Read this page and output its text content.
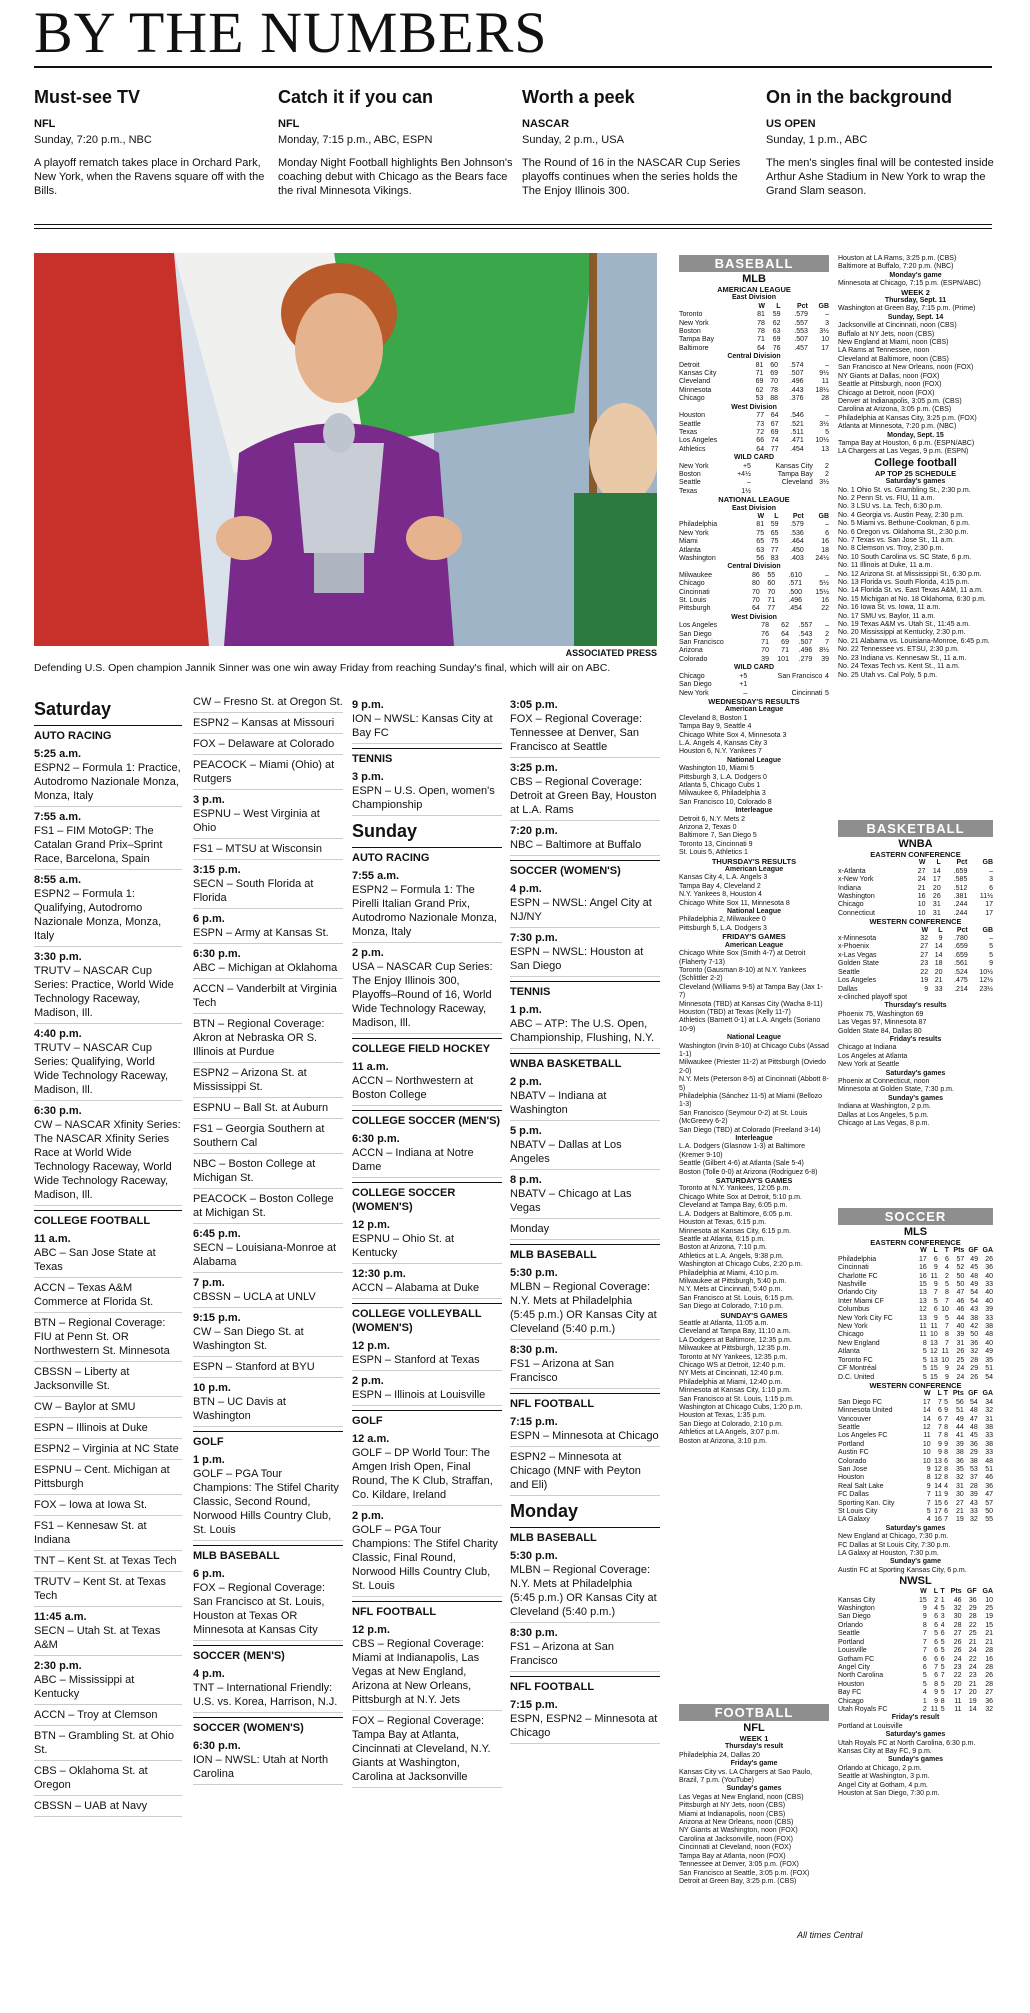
BY THE NUMBERS
Must-see TV
NFL
Sunday, 7:20 p.m., NBC
A playoff rematch takes place in Orchard Park, New York, when the Ravens square off with the Bills.
Catch it if you can
NFL
Monday, 7:15 p.m., ABC, ESPN
Monday Night Football highlights Ben Johnson's coaching debut with Chicago as the Bears face the rival Minnesota Vikings.
Worth a peek
NASCAR
Sunday, 2 p.m., USA
The Round of 16 in the NASCAR Cup Series playoffs continues when the series holds the The Enjoy Illinois 300.
On in the background
US OPEN
Sunday, 1 p.m., ABC
The men's singles final will be contested inside Arthur Ashe Stadium in New York to wrap the Grand Slam season.
ASSOCIATED PRESS
Defending U.S. Open champion Jannik Sinner was one win away Friday from reaching Sunday's final, which will air on ABC.
Saturday
AUTO RACING
5:25 a.m.
ESPN2 – Formula 1: Practice, Autodromo Nazionale Monza, Monza, Italy
7:55 a.m.
FS1 – FIM MotoGP: The Catalan Grand Prix–Sprint Race, Barcelona, Spain
8:55 a.m.
ESPN2 – Formula 1: Qualifying, Autodromo Nazionale Monza, Monza, Italy
3:30 p.m.
TRUTV – NASCAR Cup Series: Practice, World Wide Technology Raceway, Madison, Ill.
4:40 p.m.
TRUTV – NASCAR Cup Series: Qualifying, World Wide Technology Raceway, Madison, Ill.
6:30 p.m.
CW – NASCAR Xfinity Series: The NASCAR Xfinity Series Race at World Wide Technology Raceway, World Wide Technology Raceway, Madison, Ill.
COLLEGE FOOTBALL
11 a.m.
ABC – San Jose State at Texas
ACCN – Texas A&M Commerce at Florida St.
BTN – Regional Coverage: FIU at Penn St. OR Northwestern St. Minnesota
CBSSN – Liberty at Jacksonville St.
CW – Baylor at SMU
ESPN – Illinois at Duke
ESPN2 – Virginia at NC State
ESPNU – Cent. Michigan at Pittsburgh
FOX – Iowa at Iowa St.
FS1 – Kennesaw St. at Indiana
TNT – Kent St. at Texas Tech
TRUTV – Kent St. at Texas Tech
11:45 a.m.
SECN – Utah St. at Texas A&M
2:30 p.m.
ABC – Mississippi at Kentucky
ACCN – Troy at Clemson
BTN – Grambling St. at Ohio St.
CBS – Oklahoma St. at Oregon
CBSSN – UAB at Navy
CW – Fresno St. at Oregon St.
ESPN2 – Kansas at Missouri
FOX – Delaware at Colorado
PEACOCK – Miami (Ohio) at Rutgers
3 p.m.
ESPNU – West Virginia at Ohio
FS1 – MTSU at Wisconsin
3:15 p.m.
SECN – South Florida at Florida
6 p.m.
ESPN – Army at Kansas St.
6:30 p.m.
ABC – Michigan at Oklahoma
ACCN – Vanderbilt at Virginia Tech
BTN – Regional Coverage: Akron at Nebraska OR S. Illinois at Purdue
ESPN2 – Arizona St. at Mississippi St.
ESPNU – Ball St. at Auburn
FS1 – Georgia Southern at Southern Cal
NBC – Boston College at Michigan St.
PEACOCK – Boston College at Michigan St.
6:45 p.m.
SECN – Louisiana-Monroe at Alabama
7 p.m.
CBSSN – UCLA at UNLV
9:15 p.m.
CW – San Diego St. at Washington St.
ESPN – Stanford at BYU
10 p.m.
BTN – UC Davis at Washington
GOLF
1 p.m.
GOLF – PGA Tour Champions: The Stifel Charity Classic, Second Round, Norwood Hills Country Club, St. Louis
MLB BASEBALL
6 p.m.
FOX – Regional Coverage: San Francisco at St. Louis, Houston at Texas OR Minnesota at Kansas City
SOCCER (MEN'S)
4 p.m.
TNT – International Friendly: U.S. vs. Korea, Harrison, N.J.
SOCCER (WOMEN'S)
6:30 p.m.
ION – NWSL: Utah at North Carolina
9 p.m.
ION – NWSL: Kansas City at Bay FC
TENNIS
3 p.m.
ESPN – U.S. Open, women's Championship
Sunday
AUTO RACING
7:55 a.m.
ESPN2 – Formula 1: The Pirelli Italian Grand Prix, Autodromo Nazionale Monza, Monza, Italy
2 p.m.
USA – NASCAR Cup Series: The Enjoy Illinois 300, Playoffs–Round of 16, World Wide Technology Raceway, Madison, Ill.
COLLEGE FIELD HOCKEY
11 a.m.
ACCN – Northwestern at Boston College
COLLEGE SOCCER (MEN'S)
6:30 p.m.
ACCN – Indiana at Notre Dame
COLLEGE SOCCER (WOMEN'S)
12 p.m.
ESPNU – Ohio St. at Kentucky
12:30 p.m.
ACCN – Alabama at Duke
COLLEGE VOLLEYBALL (WOMEN'S)
12 p.m.
ESPN – Stanford at Texas
2 p.m.
ESPN – Illinois at Louisville
GOLF
12 a.m.
GOLF – DP World Tour: The Amgen Irish Open, Final Round, The K Club, Straffan, Co. Kildare, Ireland
2 p.m.
GOLF – PGA Tour Champions: The Stifel Charity Classic, Final Round, Norwood Hills Country Club, St. Louis
NFL FOOTBALL
12 p.m.
CBS – Regional Coverage: Miami at Indianapolis, Las Vegas at New England, Arizona at New Orleans, Pittsburgh at N.Y. Jets
FOX – Regional Coverage: Tampa Bay at Atlanta, Cincinnati at Cleveland, N.Y. Giants at Washington, Carolina at Jacksonville
3:05 p.m.
FOX – Regional Coverage: Tennessee at Denver, San Francisco at Seattle
3:25 p.m.
CBS – Regional Coverage: Detroit at Green Bay, Houston at L.A. Rams
7:20 p.m.
NBC – Baltimore at Buffalo
SOCCER (WOMEN'S)
4 p.m.
ESPN – NWSL: Angel City at NJ/NY
7:30 p.m.
ESPN – NWSL: Houston at San Diego
TENNIS
1 p.m.
ABC – ATP: The U.S. Open, Championship, Flushing, N.Y.
WNBA BASKETBALL
2 p.m.
NBATV – Indiana at Washington
5 p.m.
NBATV – Dallas at Los Angeles
8 p.m.
NBATV – Chicago at Las Vegas
Monday
MLB BASEBALL
5:30 p.m.
MLBN – Regional Coverage: N.Y. Mets at Philadelphia (5:45 p.m.) OR Kansas City at Cleveland (5:40 p.m.)
8:30 p.m.
FS1 – Arizona at San Francisco
NFL FOOTBALL
7:15 p.m.
ESPN – Minnesota at Chicago
ESPN2 – Minnesota at Chicago (MNF with Peyton and Eli)
Monday
MLB BASEBALL
5:30 p.m.
MLBN – Regional Coverage: N.Y. Mets at Philadelphia (5:45 p.m.) OR Kansas City at Cleveland (5:40 p.m.)
8:30 p.m.
FS1 – Arizona at San Francisco
NFL FOOTBALL
7:15 p.m.
ESPN, ESPN2 – Minnesota at Chicago
BASEBALL
MLB
AMERICAN LEAGUE
East Division
	W	L	Pct	GB
Toronto	81	59	.579	–
New York	78	62	.557	3
Boston	78	63	.553	3½
Tampa Bay	71	69	.507	10
Baltimore	64	76	.457	17
Central Division
Detroit	81	60	.574	–
Kansas City	71	69	.507	9½
Cleveland	69	70	.496	11
Minnesota	62	78	.443	18½
Chicago	53	88	.376	28
West Division
Houston	77	64	.546	–
Seattle	73	67	.521	3½
Texas	72	69	.511	5
Los Angeles	66	74	.471	10½
Athletics	64	77	.454	13
WILD CARD
New York	+5	Kansas City	2	
Boston	+4½	Tampa Bay	2	
Seattle	–	Cleveland	3½	
Texas	1½			
NATIONAL LEAGUE
East Division
	W	L	Pct	GB
Philadelphia	81	59	.579	–
New York	75	65	.536	6
Miami	65	75	.464	16
Atlanta	63	77	.450	18
Washington	56	83	.403	24½
Central Division
Milwaukee	86	55	.610	–
Chicago	80	60	.571	5½
Cincinnati	70	70	.500	15½
St. Louis	70	71	.496	16
Pittsburgh	64	77	.454	22
West Division
Los Angeles	78	62	.557	–
San Diego	76	64	.543	2
San Francisco	71	69	.507	7
Arizona	70	71	.496	8½
Colorado	39	101	.279	39
WILD CARD
Chicago	+5	San Francisco	4	
San Diego	+1			
New York	–	Cincinnati	5	
WEDNESDAY'S RESULTS
American League
Cleveland 8, Boston 1
Tampa Bay 9, Seattle 4
Chicago White Sox 4, Minnesota 3
L.A. Angels 4, Kansas City 3
Houston 6, N.Y. Yankees 7
National League
Washington 10, Miami 5
Pittsburgh 3, L.A. Dodgers 0
Atlanta 5, Chicago Cubs 1
Milwaukee 6, Philadelphia 3
San Francisco 10, Colorado 8
Interleague
Detroit 6, N.Y. Mets 2
Arizona 2, Texas 0
Baltimore 7, San Diego 5
Toronto 13, Cincinnati 9
St. Louis 5, Athletics 1
THURSDAY'S RESULTS
American League
Kansas City 4, L.A. Angels 3
Tampa Bay 4, Cleveland 2
N.Y. Yankees 8, Houston 4
Chicago White Sox 11, Minnesota 8
National League
Philadelphia 2, Milwaukee 0
Pittsburgh 5, L.A. Dodgers 3
FRIDAY'S GAMES
American League
Chicago White Sox (Smith 4-7) at Detroit (Flaherty 7-13)
Toronto (Gausman 8-10) at N.Y. Yankees (Schlittler 2-2)
Cleveland (Williams 9-5) at Tampa Bay (Jax 1-7)
Minnesota (TBD) at Kansas City (Wacha 8-11)
Houston (TBD) at Texas (Kelly 11-7)
Athletics (Barnett 0-1) at L.A. Angels (Soriano 10-9)
National League
Washington (Irvin 8-10) at Chicago Cubs (Assad 1-1)
Milwaukee (Priester 11-2) at Pittsburgh (Oviedo 2-0)
N.Y. Mets (Peterson 8-5) at Cincinnati (Abbott 8-5)
Philadelphia (Sánchez 11-5) at Miami (Bellozo 1-3)
San Francisco (Seymour 0-2) at St. Louis (McGreevy 6-2)
San Diego (TBD) at Colorado (Freeland 3-14)
Interleague
L.A. Dodgers (Glasnow 1-3) at Baltimore (Kremer 9-10)
Seattle (Gilbert 4-6) at Atlanta (Sale 5-4)
Boston (Tolle 0-0) at Arizona (Rodriguez 6-8)
SATURDAY'S GAMES
Toronto at N.Y. Yankees, 12:05 p.m.
Chicago White Sox at Detroit, 5:10 p.m.
Cleveland at Tampa Bay, 6:05 p.m.
L.A. Dodgers at Baltimore, 6:05 p.m.
Houston at Texas, 6:15 p.m.
Minnesota at Kansas City, 6:15 p.m.
Seattle at Atlanta, 6:15 p.m.
Boston at Arizona, 7:10 p.m.
Athletics at L.A. Angels, 9:38 p.m.
Washington at Chicago Cubs, 2:20 p.m.
Philadelphia at Miami, 4:10 p.m.
Milwaukee at Pittsburgh, 5:40 p.m.
N.Y. Mets at Cincinnati, 5:40 p.m.
San Francisco at St. Louis, 6:15 p.m.
San Diego at Colorado, 7:10 p.m.
SUNDAY'S GAMES
Seattle at Atlanta, 11:05 a.m.
Cleveland at Tampa Bay, 11:10 a.m.
LA Dodgers at Baltimore, 12:35 p.m.
Milwaukee at Pittsburgh, 12:35 p.m.
Toronto at NY Yankees, 12:35 p.m.
Chicago WS at Detroit, 12:40 p.m.
NY Mets at Cincinnati, 12:40 p.m.
Philadelphia at Miami, 12:40 p.m.
Minnesota at Kansas City, 1:10 p.m.
San Francisco at St. Louis, 1:15 p.m.
Washington at Chicago Cubs, 1:20 p.m.
Houston at Texas, 1:35 p.m.
San Diego at Colorado, 2:10 p.m.
Athletics at LA Angels, 3:07 p.m.
Boston at Arizona, 3:10 p.m.
FOOTBALL
NFL
WEEK 1
Thursday's result
Philadelphia 24, Dallas 20
Friday's game
Kansas City vs. LA Chargers at Sao Paulo, Brazil, 7 p.m. (YouTube)
Sunday's games
Las Vegas at New England, noon (CBS)
Pittsburgh at NY Jets, noon (CBS)
Miami at Indianapolis, noon (CBS)
Arizona at New Orleans, noon (CBS)
NY Giants at Washington, noon (FOX)
Carolina at Jacksonville, noon (FOX)
Cincinnati at Cleveland, noon (FOX)
Tampa Bay at Atlanta, noon (FOX)
Tennessee at Denver, 3:05 p.m. (FOX)
San Francisco at Seattle, 3:05 p.m. (FOX)
Detroit at Green Bay, 3:25 p.m. (CBS)
Houston at LA Rams, 3:25 p.m. (CBS)
Baltimore at Buffalo, 7:20 p.m. (NBC)
Monday's game
Minnesota at Chicago, 7:15 p.m. (ESPN/ABC)
WEEK 2
Thursday, Sept. 11
Washington at Green Bay, 7:15 p.m. (Prime)
Sunday, Sept. 14
Jacksonville at Cincinnati, noon (CBS)
Buffalo at NY Jets, noon (CBS)
New England at Miami, noon (CBS)
LA Rams at Tennessee, noon
Cleveland at Baltimore, noon (CBS)
San Francisco at New Orleans, noon (FOX)
NY Giants at Dallas, noon (FOX)
Seattle at Pittsburgh, noon (FOX)
Chicago at Detroit, noon (FOX)
Denver at Indianapolis, 3:05 p.m. (CBS)
Carolina at Arizona, 3:05 p.m. (CBS)
Philadelphia at Kansas City, 3:25 p.m. (FOX)
Atlanta at Minnesota, 7:20 p.m. (NBC)
Monday, Sept. 15
Tampa Bay at Houston, 6 p.m. (ESPN/ABC)
LA Chargers at Las Vegas, 9 p.m. (ESPN)
College football
AP TOP 25 SCHEDULE
Saturday's games
No. 1 Ohio St. vs. Grambling St., 2:30 p.m.
No. 2 Penn St. vs. FIU, 11 a.m.
No. 3 LSU vs. La. Tech, 6:30 p.m.
No. 4 Georgia vs. Austin Peay, 2:30 p.m.
No. 5 Miami vs. Bethune-Cookman, 6 p.m.
No. 6 Oregon vs. Oklahoma St., 2:30 p.m.
No. 7 Texas vs. San Jose St., 11 a.m.
No. 8 Clemson vs. Troy, 2:30 p.m.
No. 10 South Carolina vs. SC State, 6 p.m.
No. 11 Illinois at Duke, 11 a.m.
No. 12 Arizona St. at Mississippi St., 6:30 p.m.
No. 13 Florida vs. South Florida, 4:15 p.m.
No. 14 Florida St. vs. East Texas A&M, 11 a.m.
No. 15 Michigan at No. 18 Oklahoma, 6:30 p.m.
No. 16 Iowa St. vs. Iowa, 11 a.m.
No. 17 SMU vs. Baylor, 11 a.m.
No. 19 Texas A&M vs. Utah St., 11:45 a.m.
No. 20 Mississippi at Kentucky, 2:30 p.m.
No. 21 Alabama vs. Louisiana-Monroe, 6:45 p.m.
No. 22 Tennessee vs. ETSU, 2:30 p.m.
No. 23 Indiana vs. Kennesaw St., 11 a.m.
No. 24 Texas Tech vs. Kent St., 11 a.m.
No. 25 Utah vs. Cal Poly, 5 p.m.
BASKETBALL
WNBA
EASTERN CONFERENCE
	W	L	Pct	GB
x-Atlanta	27	14	.659	–
x-New York	24	17	.585	3
Indiana	21	20	.512	6
Washington	16	26	.381	11½
Chicago	10	31	.244	17
Connecticut	10	31	.244	17
WESTERN CONFERENCE
	W	L	Pct	GB
x-Minnesota	32	9	.780	–
x-Phoenix	27	14	.659	5
x-Las Vegas	27	14	.659	5
Golden State	23	18	.561	9
Seattle	22	20	.524	10½
Los Angeles	19	21	.475	12½
Dallas	9	33	.214	23½
x-clinched playoff spot
Thursday's results
Phoenix 75, Washington 69
Las Vegas 97, Minnesota 87
Golden State 84, Dallas 80
Friday's results
Chicago at Indiana
Los Angeles at Atlanta
New York at Seattle
Saturday's games
Phoenix at Connecticut, noon
Minnesota at Golden State, 7:30 p.m.
Sunday's games
Indiana at Washington, 2 p.m.
Dallas at Los Angeles, 5 p.m.
Chicago at Las Vegas, 8 p.m.
SOCCER
MLS
EASTERN CONFERENCE
	W	L	T	Pts	GF	GA
Philadelphia	17	6	6	57	49	26
Cincinnati	16	9	4	52	45	36
Charlotte FC	16	11	2	50	48	40
Nashville	15	9	5	50	49	33
Orlando City	13	7	8	47	54	40
Inter Miami CF	13	5	7	46	54	40
Columbus	12	6	10	46	43	39
New York City FC	13	9	5	44	38	33
New York	11	11	7	40	42	38
Chicago	11	10	8	39	50	48
New England	8	13	7	31	36	40
Atlanta	5	12	11	26	32	49
Toronto FC	5	13	10	25	28	35
CF Montréal	5	15	9	24	29	51
D.C. United	5	15	9	24	26	54
WESTERN CONFERENCE
	W	L	T	Pts	GF	GA
San Diego FC	17	7	5	56	54	34
Minnesota United	14	6	9	51	48	32
Vancouver	14	6	7	49	47	31
Seattle	12	7	8	44	48	38
Los Angeles FC	11	7	8	41	45	33
Portland	10	9	9	39	36	38
Austin FC	10	9	8	38	29	33
Colorado	10	13	6	36	38	48
San Jose	9	12	8	35	53	51
Houston	8	12	8	32	37	46
Real Salt Lake	9	14	4	31	28	36
FC Dallas	7	11	9	30	39	47
Sporting Kan. City	7	15	6	27	43	57
St Louis City	5	17	6	21	33	50
LA Galaxy	4	16	7	19	32	55
Saturday's games
New England at Chicago, 7:30 p.m.
FC Dallas at St Louis City, 7:30 p.m.
LA Galaxy at Houston, 7:30 p.m.
Sunday's game
Austin FC at Sporting Kansas City, 6 p.m.
NWSL
	W	L	T	Pts	GF	GA
Kansas City	15	2	1	46	36	10
Washington	9	4	5	32	29	25
San Diego	9	6	3	30	28	19
Orlando	8	6	4	28	22	15
Seattle	7	5	6	27	25	21
Portland	7	6	5	26	21	21
Louisville	7	6	5	26	24	28
Gotham FC	6	6	6	24	22	16
Angel City	6	7	5	23	24	28
North Carolina	5	6	7	22	23	26
Houston	5	8	5	20	21	28
Bay FC	4	9	5	17	20	27
Chicago	1	9	8	11	19	36
Utah Royals FC	2	11	5	11	14	32
Friday's result
Portland at Louisville
Saturday's games
Utah Royals FC at North Carolina, 6:30 p.m.
Kansas City at Bay FC, 9 p.m.
Sunday's games
Orlando at Chicago, 2 p.m.
Seattle at Washington, 3 p.m.
Angel City at Gotham, 4 p.m.
Houston at San Diego, 7:30 p.m.
All times Central
